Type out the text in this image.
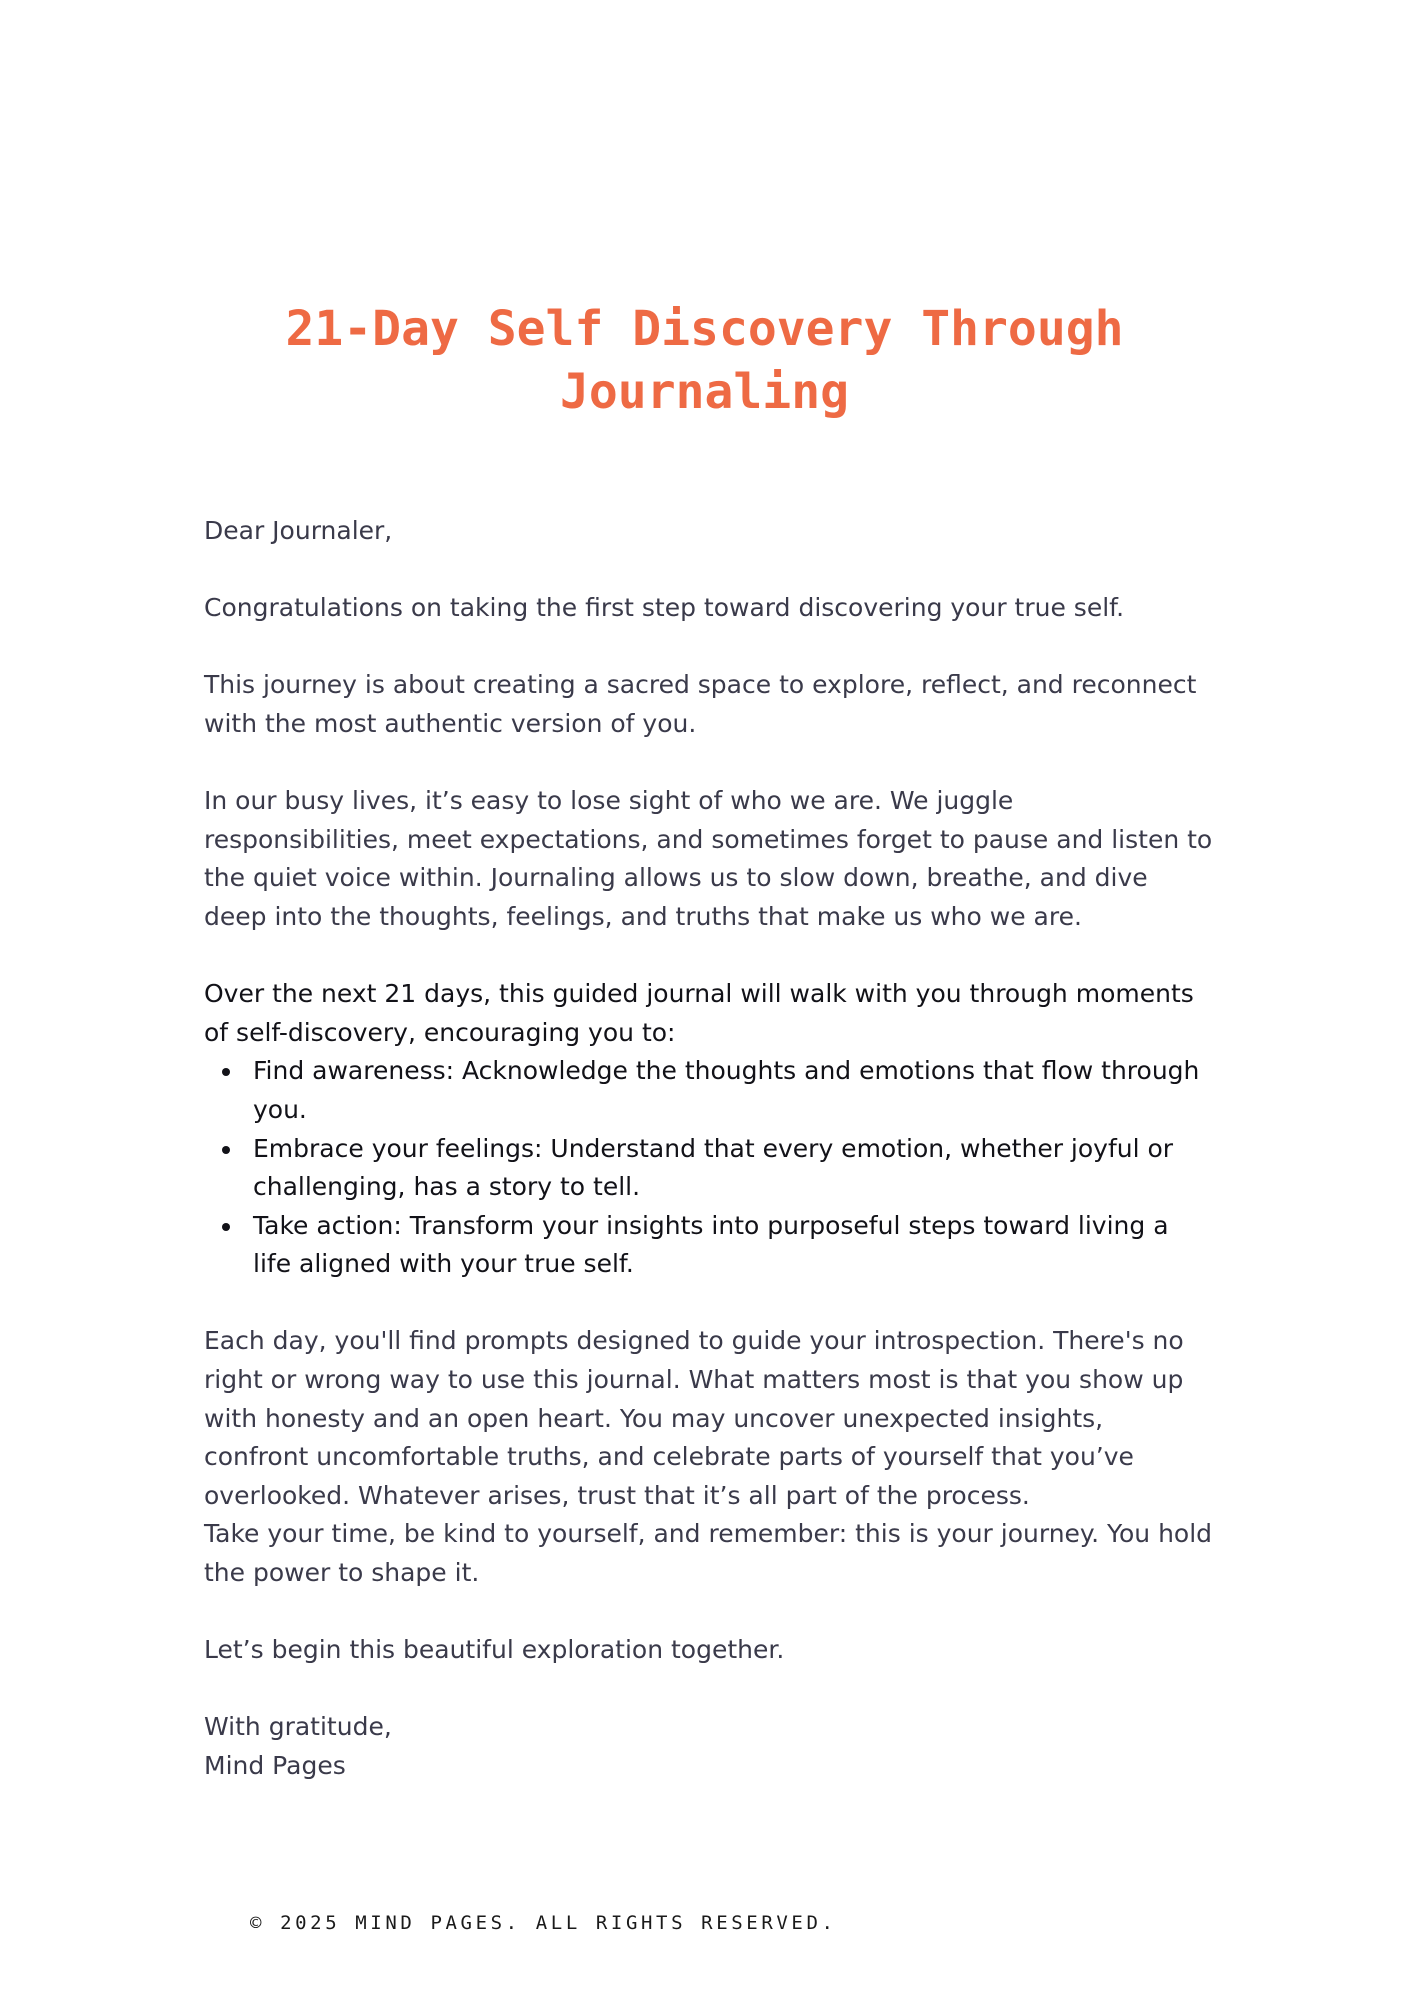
21-Day Self Discovery Through Journaling

Dear Journaler,

Congratulations on taking the first step toward discovering your true self.

This journey is about creating a sacred space to explore, reflect, and reconnect with the most authentic version of you.

In our busy lives, it’s easy to lose sight of who we are. We juggle responsibilities, meet expectations, and sometimes forget to pause and listen to the quiet voice within. Journaling allows us to slow down, breathe, and dive deep into the thoughts, feelings, and truths that make us who we are.

Over the next 21 days, this guided journal will walk with you through moments of self-discovery, encouraging you to:

Find awareness: Acknowledge the thoughts and emotions that flow through you.
Embrace your feelings: Understand that every emotion, whether joyful or challenging, has a story to tell.
Take action: Transform your insights into purposeful steps toward living a life aligned with your true self.

Each day, you'll find prompts designed to guide your introspection. There's no right or wrong way to use this journal. What matters most is that you show up with honesty and an open heart. You may uncover unexpected insights, confront uncomfortable truths, and celebrate parts of yourself that you’ve overlooked. Whatever arises, trust that it’s all part of the process.

Take your time, be kind to yourself, and remember: this is your journey. You hold the power to shape it.

Let’s begin this beautiful exploration together.

With gratitude,

Mind Pages

© 2025 MIND PAGES. ALL RIGHTS RESERVED.
